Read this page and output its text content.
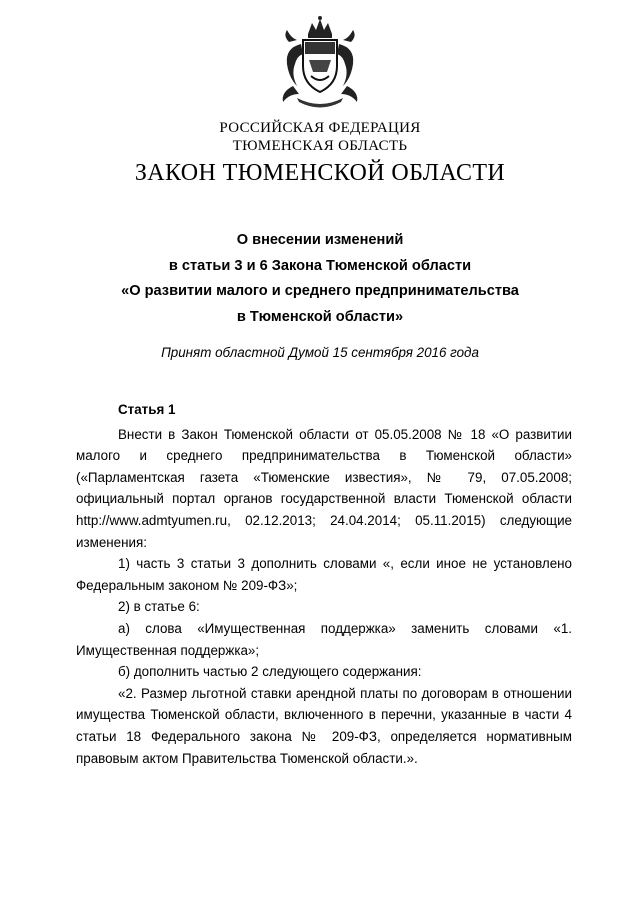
РОССИЙСКАЯ ФЕДЕРАЦИЯ
ТЮМЕНСКАЯ ОБЛАСТЬ
ЗАКОН ТЮМЕНСКОЙ ОБЛАСТИ
О внесении изменений
в статьи 3 и 6 Закона Тюменской области
«О развитии малого и среднего предпринимательства
в Тюменской области»
Принят областной Думой 15 сентября 2016 года
Статья 1

Внести в Закон Тюменской области от 05.05.2008 № 18 «О развитии малого и среднего предпринимательства в Тюменской области» («Парламентская газета «Тюменские известия», № 79, 07.05.2008; официальный портал органов государственной власти Тюменской области http://www.admtyumen.ru, 02.12.2013; 24.04.2014; 05.11.2015) следующие изменения:

1) часть 3 статьи 3 дополнить словами «, если иное не установлено Федеральным законом № 209-ФЗ»;

2) в статье 6:

а) слова «Имущественная поддержка» заменить словами «1. Имущественная поддержка»;

б) дополнить частью 2 следующего содержания:

«2. Размер льготной ставки арендной платы по договорам в отношении имущества Тюменской области, включенного в перечни, указанные в части 4 статьи 18 Федерального закона № 209-ФЗ, определяется нормативным правовым актом Правительства Тюменской области.».
